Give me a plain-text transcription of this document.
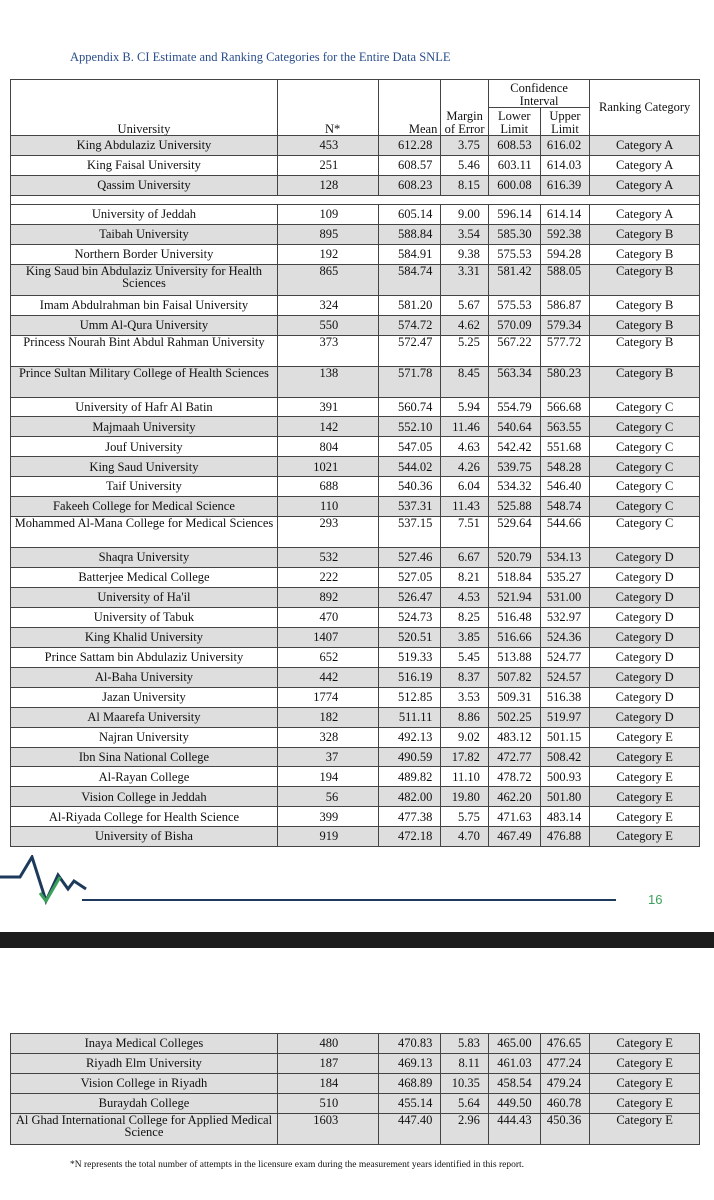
Appendix B. CI Estimate and Ranking Categories for the Entire Data SNLE
University	N*	Mean	Margin of Error	Confidence Interval		Ranking Category
				Lower Limit	Upper Limit	
King Abdulaziz University	453	612.28	3.75	608.53	616.02	Category A
King Faisal University	251	608.57	5.46	603.11	614.03	Category A
Qassim University	128	608.23	8.15	600.08	616.39	Category A

University of Jeddah	109	605.14	9.00	596.14	614.14	Category A
Taibah University	895	588.84	3.54	585.30	592.38	Category B
Northern Border University	192	584.91	9.38	575.53	594.28	Category B
King Saud bin Abdulaziz University for Health Sciences	865	584.74	3.31	581.42	588.05	Category B
Imam Abdulrahman bin Faisal University	324	581.20	5.67	575.53	586.87	Category B
Umm Al-Qura University	550	574.72	4.62	570.09	579.34	Category B
Princess Nourah Bint Abdul Rahman University	373	572.47	5.25	567.22	577.72	Category B
Prince Sultan Military College of Health Sciences	138	571.78	8.45	563.34	580.23	Category B
University of Hafr Al Batin	391	560.74	5.94	554.79	566.68	Category C
Majmaah University	142	552.10	11.46	540.64	563.55	Category C
Jouf University	804	547.05	4.63	542.42	551.68	Category C
King Saud University	1021	544.02	4.26	539.75	548.28	Category C
Taif University	688	540.36	6.04	534.32	546.40	Category C
Fakeeh College for Medical Science	110	537.31	11.43	525.88	548.74	Category C
Mohammed Al-Mana College for Medical Sciences	293	537.15	7.51	529.64	544.66	Category C
Shaqra University	532	527.46	6.67	520.79	534.13	Category D
Batterjee Medical College	222	527.05	8.21	518.84	535.27	Category D
University of Ha'il	892	526.47	4.53	521.94	531.00	Category D
University of Tabuk	470	524.73	8.25	516.48	532.97	Category D
King Khalid University	1407	520.51	3.85	516.66	524.36	Category D
Prince Sattam bin Abdulaziz University	652	519.33	5.45	513.88	524.77	Category D
Al-Baha University	442	516.19	8.37	507.82	524.57	Category D
Jazan University	1774	512.85	3.53	509.31	516.38	Category D
Al Maarefa University	182	511.11	8.86	502.25	519.97	Category D
Najran University	328	492.13	9.02	483.12	501.15	Category E
Ibn Sina National College	37	490.59	17.82	472.77	508.42	Category E
Al-Rayan College	194	489.82	11.10	478.72	500.93	Category E
Vision College in Jeddah	56	482.00	19.80	462.20	501.80	Category E
Al-Riyada College for Health Science	399	477.38	5.75	471.63	483.14	Category E
University of Bisha	919	472.18	4.70	467.49	476.88	Category E
16
Inaya Medical Colleges	480	470.83	5.83	465.00	476.65	Category E
Riyadh Elm University	187	469.13	8.11	461.03	477.24	Category E
Vision College in Riyadh	184	468.89	10.35	458.54	479.24	Category E
Buraydah College	510	455.14	5.64	449.50	460.78	Category E
Al Ghad International College for Applied Medical Science	1603	447.40	2.96	444.43	450.36	Category E
*N represents the total number of attempts in the licensure exam during the measurement years identified in this report.
